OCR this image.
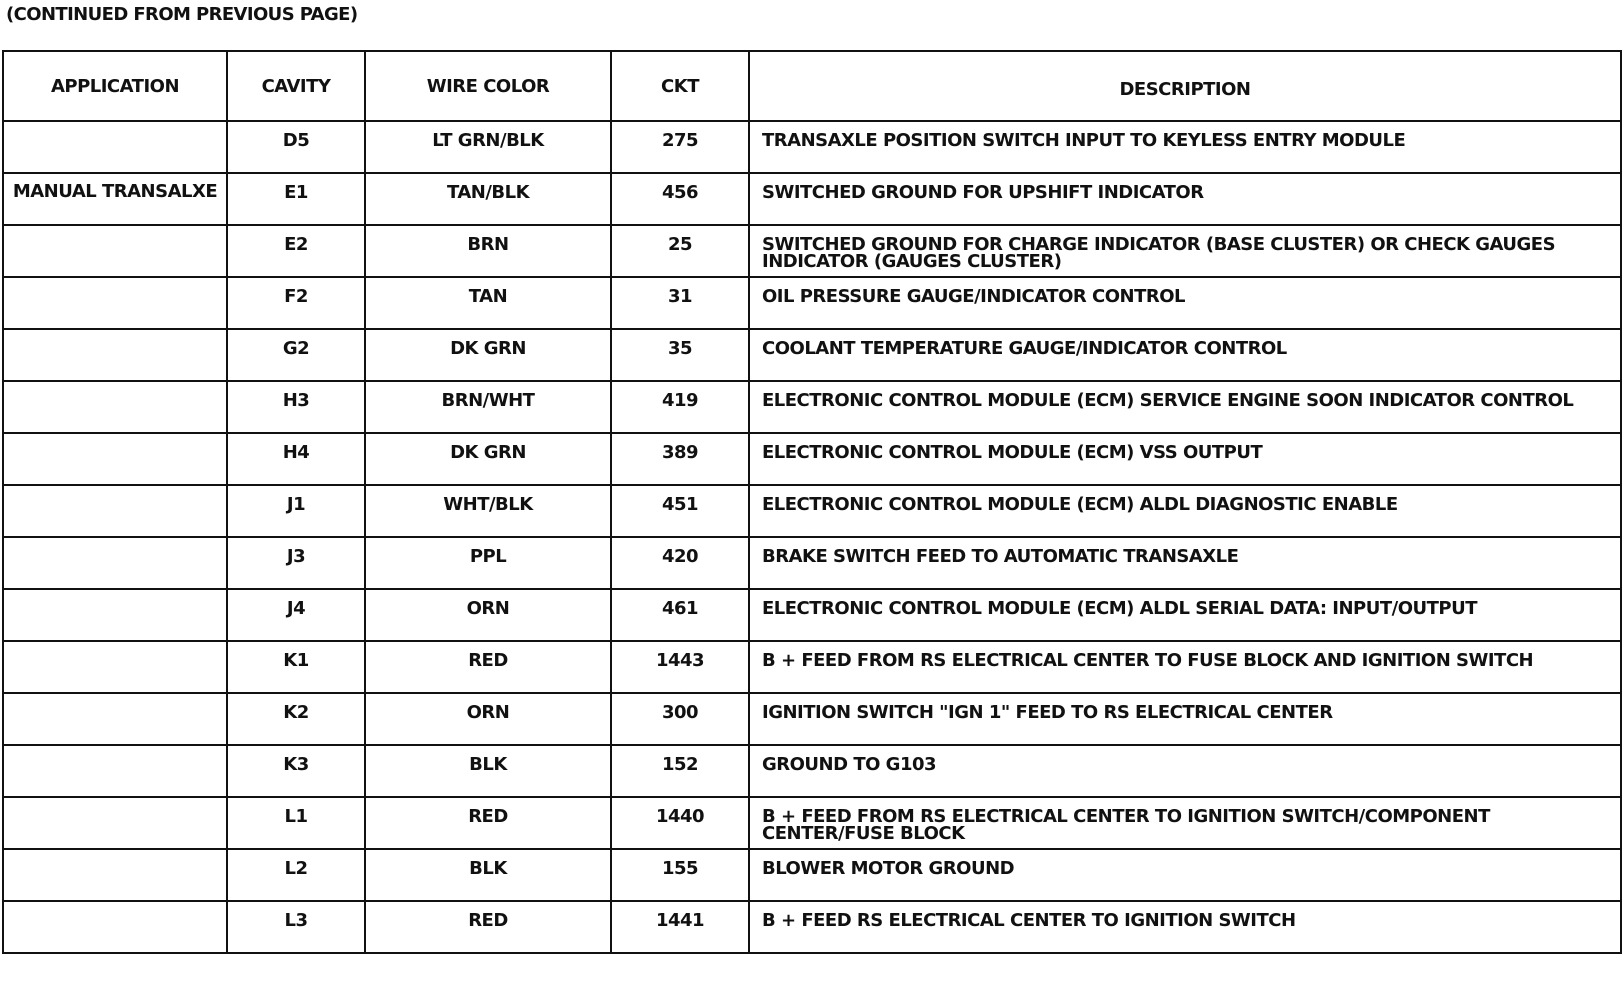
(CONTINUED FROM PREVIOUS PAGE)
APPLICATION	CAVITY	WIRE COLOR	CKT	DESCRIPTION
	D5	LT GRN/BLK	275	TRANSAXLE POSITION SWITCH INPUT TO KEYLESS ENTRY MODULE
MANUAL TRANSALXE	E1	TAN/BLK	456	SWITCHED GROUND FOR UPSHIFT INDICATOR
	E2	BRN	25	SWITCHED GROUND FOR CHARGE INDICATOR (BASE CLUSTER) OR CHECK GAUGES INDICATOR (GAUGES CLUSTER)
	F2	TAN	31	OIL PRESSURE GAUGE/INDICATOR CONTROL
	G2	DK GRN	35	COOLANT TEMPERATURE GAUGE/INDICATOR CONTROL
	H3	BRN/WHT	419	ELECTRONIC CONTROL MODULE (ECM) SERVICE ENGINE SOON INDICATOR CONTROL
	H4	DK GRN	389	ELECTRONIC CONTROL MODULE (ECM) VSS OUTPUT
	J1	WHT/BLK	451	ELECTRONIC CONTROL MODULE (ECM) ALDL DIAGNOSTIC ENABLE
	J3	PPL	420	BRAKE SWITCH FEED TO AUTOMATIC TRANSAXLE
	J4	ORN	461	ELECTRONIC CONTROL MODULE (ECM) ALDL SERIAL DATA: INPUT/OUTPUT
	K1	RED	1443	B + FEED FROM RS ELECTRICAL CENTER TO FUSE BLOCK AND IGNITION SWITCH
	K2	ORN	300	IGNITION SWITCH "IGN 1" FEED TO RS ELECTRICAL CENTER
	K3	BLK	152	GROUND TO G103
	L1	RED	1440	B + FEED FROM RS ELECTRICAL CENTER TO IGNITION SWITCH/COMPONENT CENTER/FUSE BLOCK
	L2	BLK	155	BLOWER MOTOR GROUND
	L3	RED	1441	B + FEED RS ELECTRICAL CENTER TO IGNITION SWITCH
